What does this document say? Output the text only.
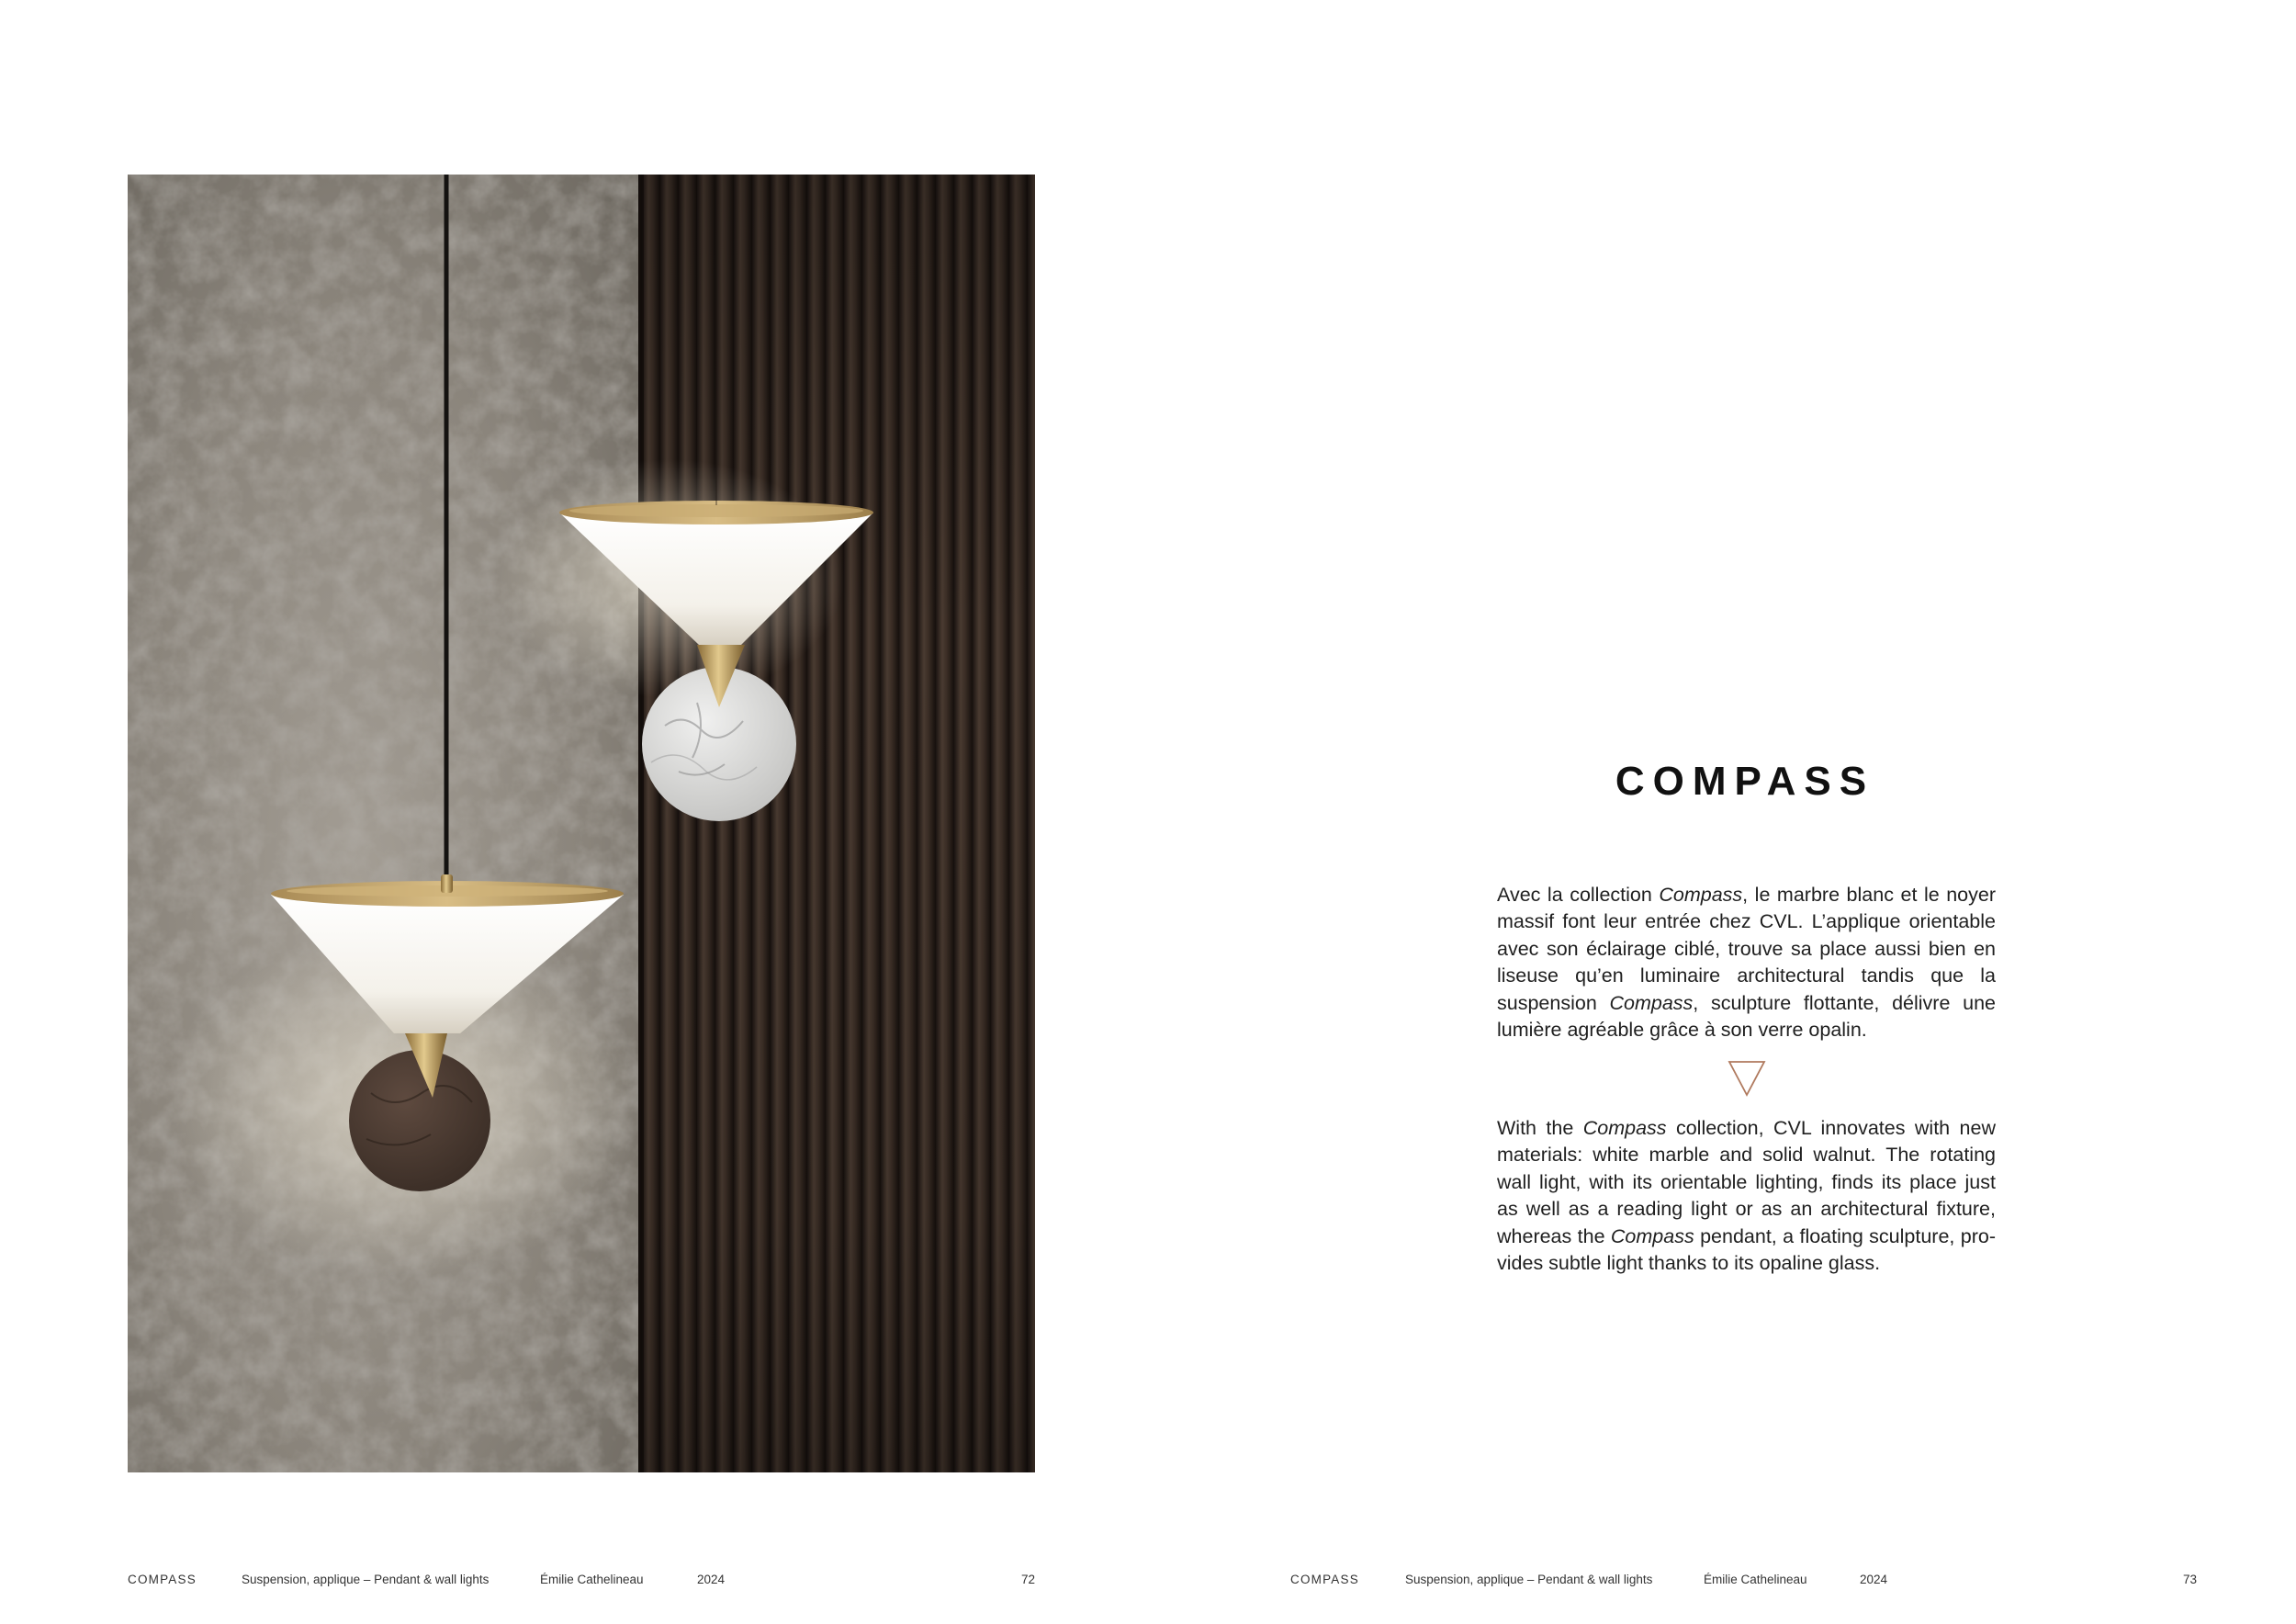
COMPASS

Avec la collection Compass, le marbre blanc et le noyer massif font leur entrée chez CVL. L’applique orientable avec son éclairage ciblé, trouve sa place aussi bien en liseuse qu’en luminaire architectural tandis que la suspension Compass, sculpture flottante, délivre une lumière agréable grâce à son verre opalin.

With the Compass collection, CVL innovates with new materials: white marble and solid walnut. The rotating wall light, with its orientable lighting, finds its place just as well as a reading light or as an architectural fixture, whereas the Compass pendant, a floating sculpture, pro-vides subtle light thanks to its opaline glass.

COMPASS	Suspension, applique – Pendant & wall lights	Émilie Cathelineau	2024	72	COMPASS	Suspension, applique – Pendant & wall lights	Émilie Cathelineau	2024	73
